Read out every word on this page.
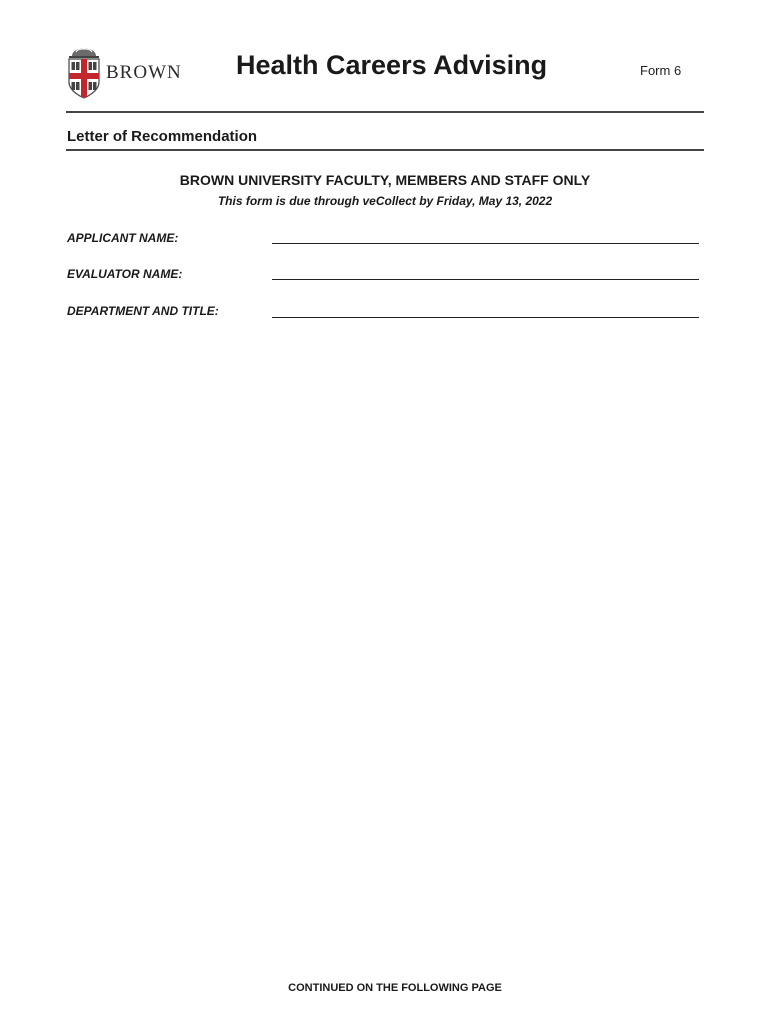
BROWN Health Careers Advising	Form 6
Letter of Recommendation
BROWN UNIVERSITY FACULTY, MEMBERS AND STAFF ONLY
This form is due through veCollect by Friday, May 13, 2022
APPLICANT NAME:
EVALUATOR NAME:
DEPARTMENT AND TITLE:
CONTINUED ON THE FOLLOWING PAGE
